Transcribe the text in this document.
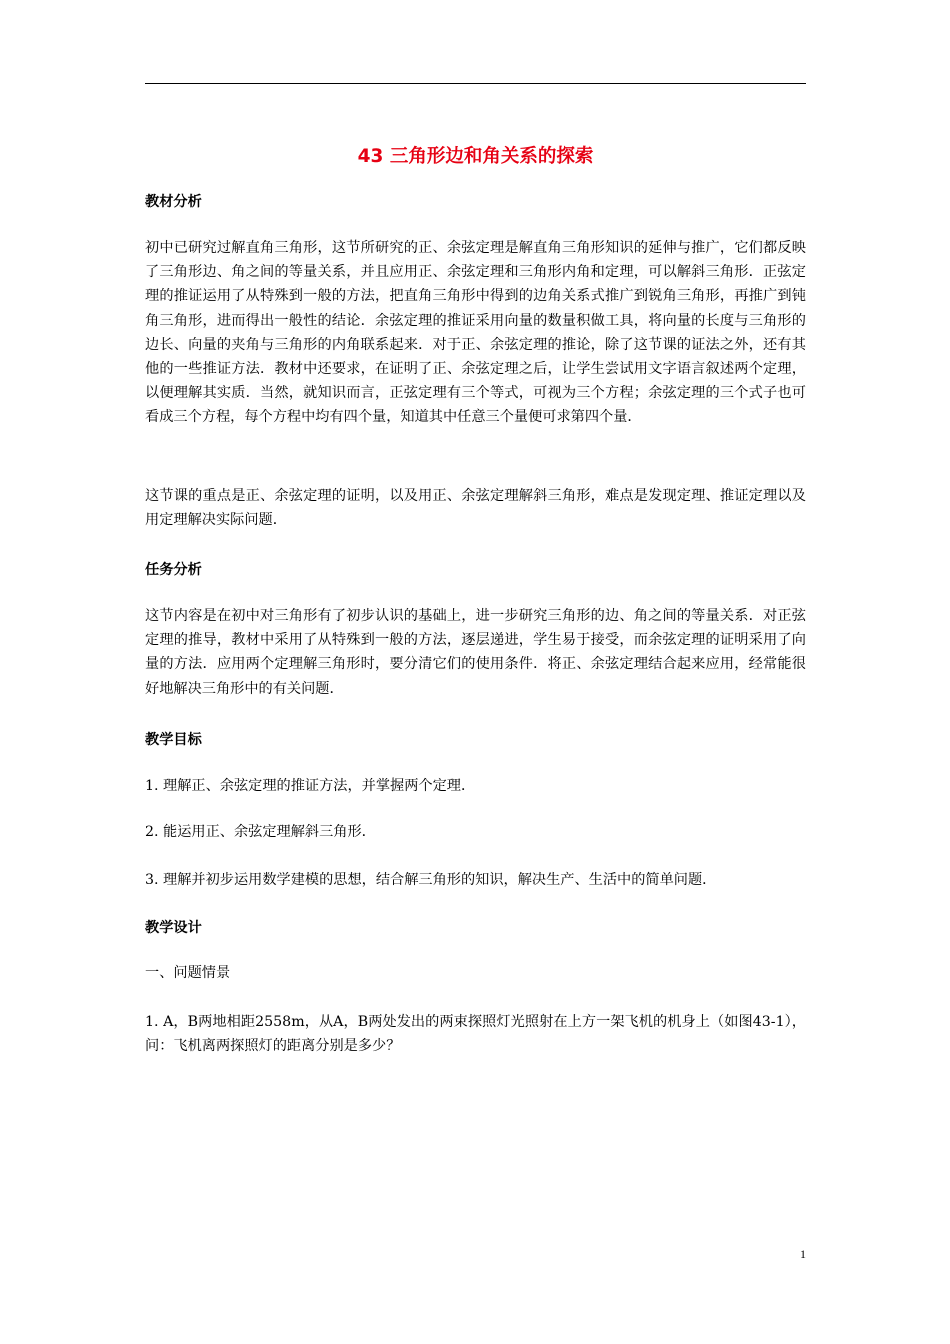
43 三角形边和角关系的探索

教材分析

初中已研究过解直角三角形，这节所研究的正、余弦定理是解直角三角形知识的延伸与推广，它们都反映了三角形边、角之间的等量关系，并且应用正、余弦定理和三角形内角和定理，可以解斜三角形．正弦定理的推证运用了从特殊到一般的方法，把直角三角形中得到的边角关系式推广到锐角三角形，再推广到钝角三角形，进而得出一般性的结论．余弦定理的推证采用向量的数量积做工具，将向量的长度与三角形的边长、向量的夹角与三角形的内角联系起来．对于正、余弦定理的推论，除了这节课的证法之外，还有其他的一些推证方法．教材中还要求，在证明了正、余弦定理之后，让学生尝试用文字语言叙述两个定理，以便理解其实质．当然，就知识而言，正弦定理有三个等式，可视为三个方程；余弦定理的三个式子也可看成三个方程，每个方程中均有四个量，知道其中任意三个量便可求第四个量．

这节课的重点是正、余弦定理的证明，以及用正、余弦定理解斜三角形，难点是发现定理、推证定理以及用定理解决实际问题．

任务分析

这节内容是在初中对三角形有了初步认识的基础上，进一步研究三角形的边、角之间的等量关系．对正弦定理的推导，教材中采用了从特殊到一般的方法，逐层递进，学生易于接受，而余弦定理的证明采用了向量的方法．应用两个定理解三角形时，要分清它们的使用条件．将正、余弦定理结合起来应用，经常能很好地解决三角形中的有关问题．

教学目标

1. 理解正、余弦定理的推证方法，并掌握两个定理．

2. 能运用正、余弦定理解斜三角形．

3. 理解并初步运用数学建模的思想，结合解三角形的知识，解决生产、生活中的简单问题．

教学设计

一、问题情景

1. A，B两地相距2558m，从A，B两处发出的两束探照灯光照射在上方一架飞机的机身上（如图43-1），问：飞机离两探照灯的距离分别是多少？

1
